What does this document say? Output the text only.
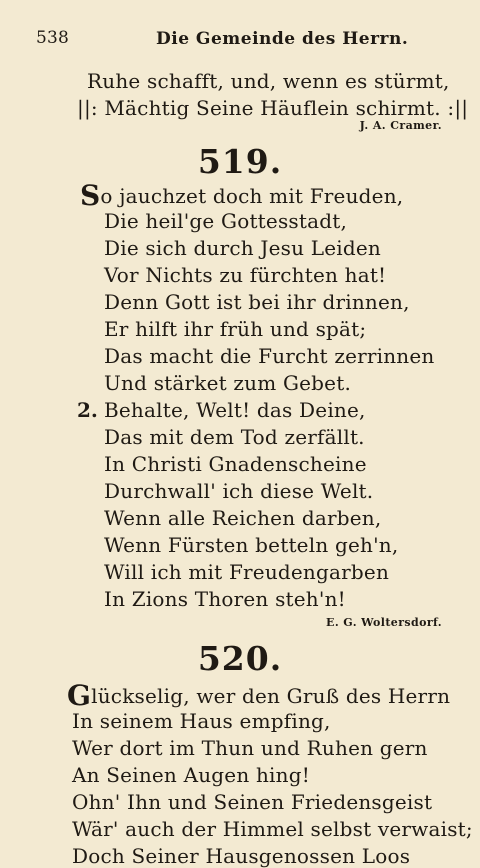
538	Die Gemeinde des Herrn.
Ruhe schafft, und, wenn es stürmt,
||: Mächtig Seine Häuflein schirmt. :||
J. A. Cramer.
519.
So jauchzet doch mit Freuden,
Die heil'ge Gottesstadt,
Die sich durch Jesu Leiden
Vor Nichts zu fürchten hat!
Denn Gott ist bei ihr drinnen,
Er hilft ihr früh und spät;
Das macht die Furcht zerrinnen
Und stärket zum Gebet.
2. Behalte, Welt! das Deine,
Das mit dem Tod zerfällt.
In Christi Gnadenscheine
Durchwall' ich diese Welt.
Wenn alle Reichen darben,
Wenn Fürsten betteln geh'n,
Will ich mit Freudengarben
In Zions Thoren steh'n!
E. G. Woltersdorf.
520.
Glückselig, wer den Gruß des Herrn
In seinem Haus empfing,
Wer dort im Thun und Ruhen gern
An Seinen Augen hing!
Ohn' Ihn und Seinen Friedensgeist
Wär' auch der Himmel selbst verwaist;
Doch Seiner Hausgenossen Loos
